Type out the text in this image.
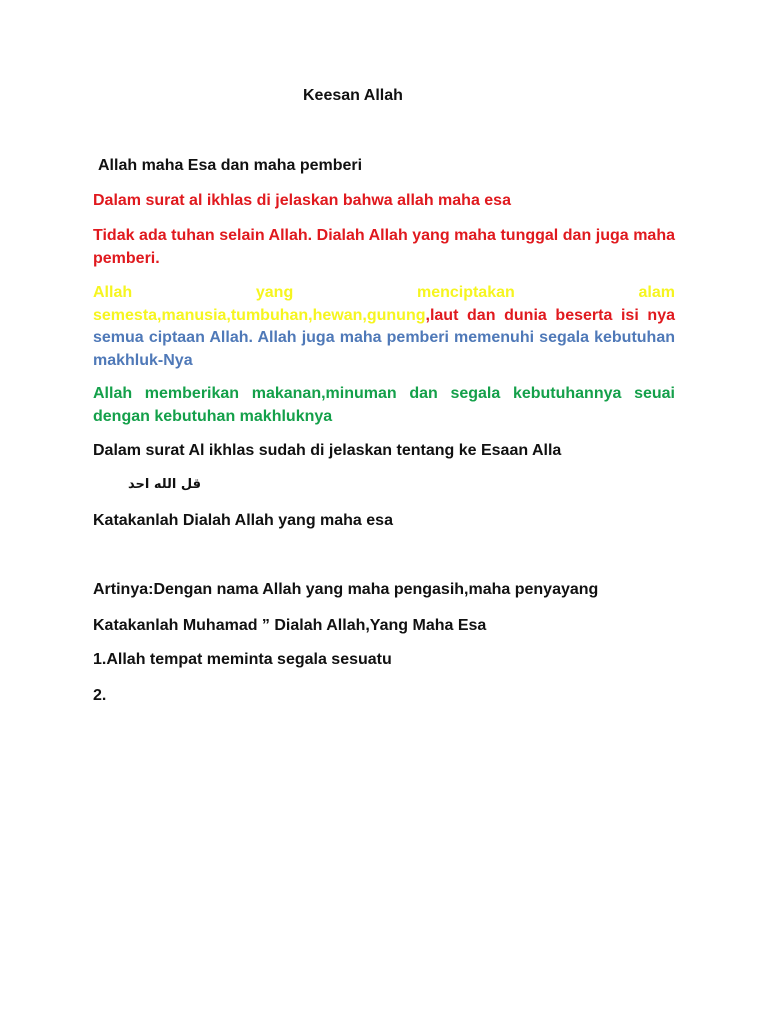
Keesan Allah
Allah maha Esa dan maha pemberi
Dalam surat al ikhlas di jelaskan bahwa allah maha esa
Tidak ada tuhan selain Allah. Dialah Allah yang maha tunggal dan juga maha pemberi.
Allah yang menciptakan alam semesta,manusia,tumbuhan,hewan,gunung,laut dan dunia beserta isi nya semua ciptaan Allah. Allah juga maha pemberi memenuhi segala kebutuhan makhluk-Nya
Allah memberikan makanan,minuman dan segala kebutuhannya seuai dengan kebutuhan makhluknya
Dalam surat Al ikhlas sudah di jelaskan tentang ke Esaan Alla
قل الله احد
Katakanlah Dialah Allah yang maha esa
Artinya:Dengan nama Allah yang maha pengasih,maha penyayang
Katakanlah Muhamad ” Dialah Allah,Yang Maha Esa
1.Allah tempat meminta segala sesuatu
2.
